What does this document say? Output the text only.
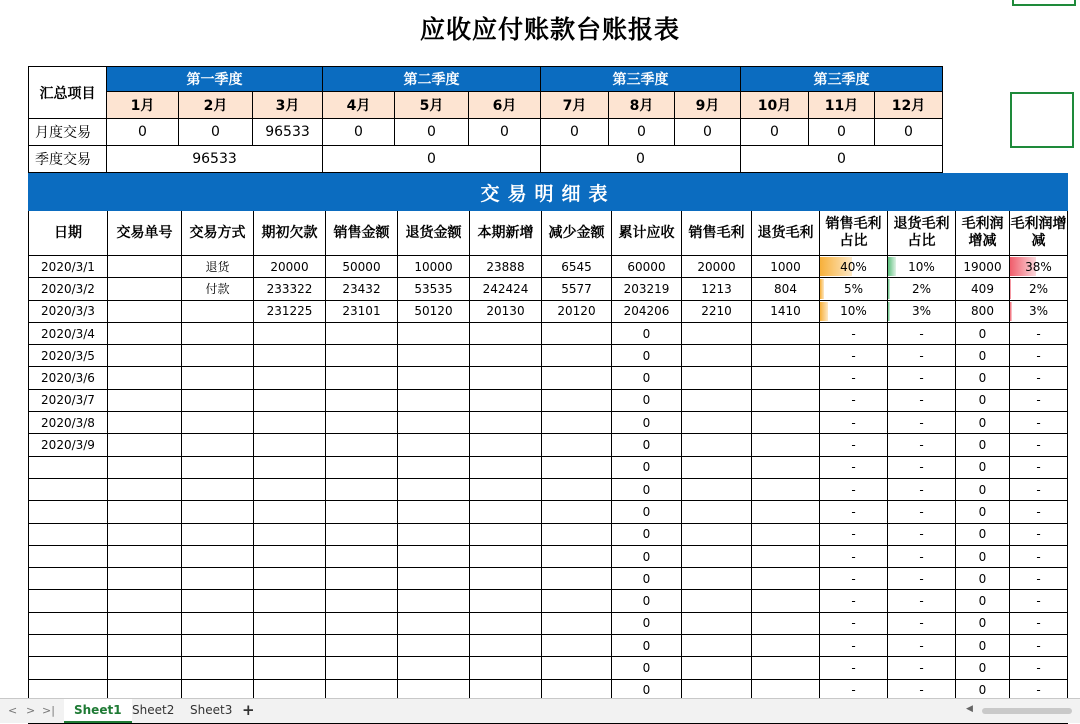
应收应付账款台账报表
汇总项目	第一季度			第二季度			第三季度			第三季度		
	1月	2月	3月	4月	5月	6月	7月	8月	9月	10月	11月	12月
月度交易	0	0	96533	0	0	0	0	0	0	0	0	0
季度交易	96533			0			0			0		
交易明细表														
日期	交易单号	交易方式	期初欠款	销售金额	退货金额	本期新增	减少金额	累计应收	销售毛利	退货毛利	销售毛利占比	退货毛利占比	毛利润增减	毛利润增减
2020/3/1		退货	20000	50000	10000	23888	6545	60000	20000	1000	40%	10%	19000	38%
2020/3/2		付款	233322	23432	53535	242424	5577	203219	1213	804	5%	2%	409	2%
2020/3/3			231225	23101	50120	20130	20120	204206	2210	1410	10%	3%	800	3%
2020/3/4								0			-	-	0	-
2020/3/5								0			-	-	0	-
2020/3/6								0			-	-	0	-
2020/3/7								0			-	-	0	-
2020/3/8								0			-	-	0	-
2020/3/9								0			-	-	0	-
								0			-	-	0	-
								0			-	-	0	-
								0			-	-	0	-
								0			-	-	0	-
								0			-	-	0	-
								0			-	-	0	-
								0			-	-	0	-
								0			-	-	0	-
								0			-	-	0	-
								0			-	-	0	-
								0			-	-	0	-

< > >|	Sheet1 Sheet2	Sheet3 +	◀
